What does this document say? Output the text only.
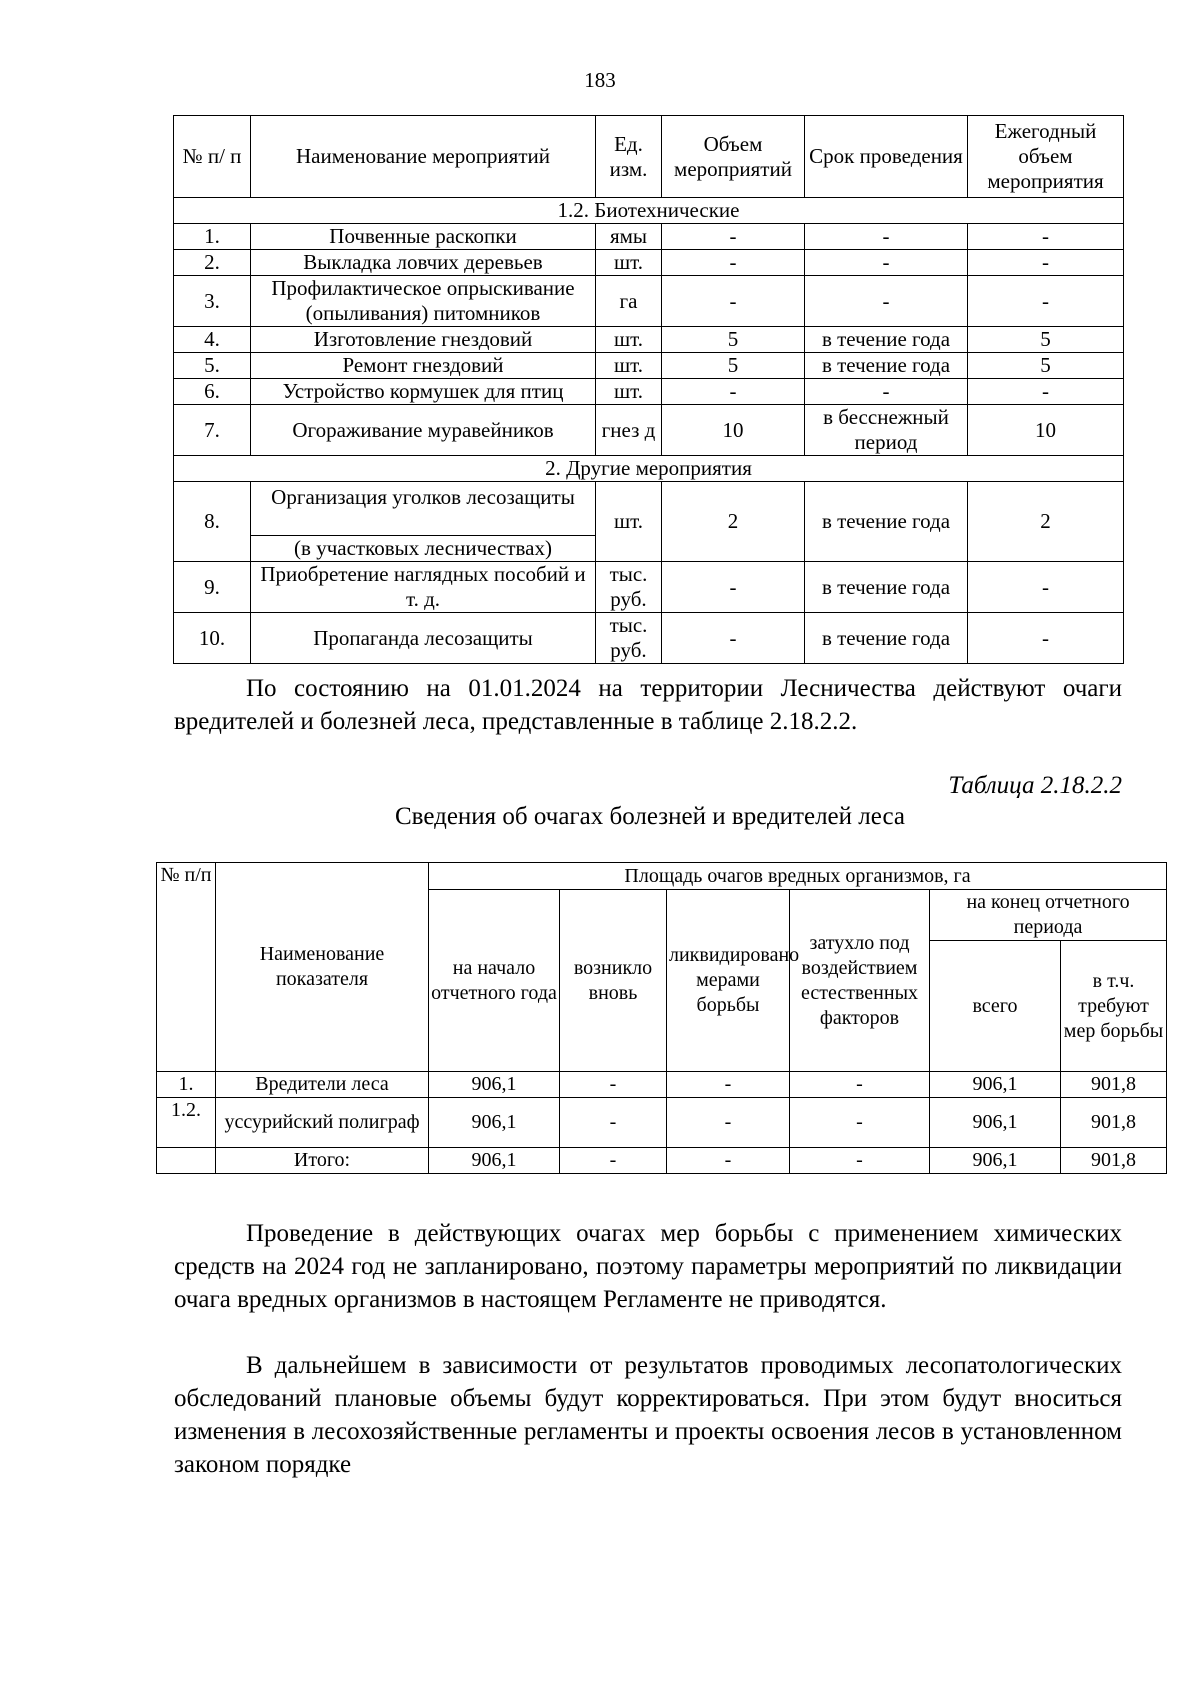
183
№ п/ п	Наименование мероприятий	Ед. изм.	Объем мероприятий	Срок проведения	Ежегодный объем мероприятия
1.2. Биотехнические					
1.	Почвенные раскопки	ямы	-	-	-
2.	Выкладка ловчих деревьев	шт.	-	-	-
3.	Профилактическое опрыскивание (опыливания) питомников	га	-	-	-
4.	Изготовление гнездовий	шт.	5	в течение года	5
5.	Ремонт гнездовий	шт.	5	в течение года	5
6.	Устройство кормушек для птиц	шт.	-	-	-
7.	Огораживание муравейников	гнез д	10	в бесснежный период	10
2. Другие мероприятия					
8.	Организация уголков лесозащиты
(в участковых лесничествах)	шт.	2	в течение года	2
9.	Приобретение наглядных пособий и т. д.	тыс. руб.	-	в течение года	-
10.	Пропаганда лесозащиты	тыс. руб.	-	в течение года	-
По состоянию на 01.01.2024 на территории Лесничества действуют очаги вредителей и болезней леса, представленные в таблице 2.18.2.2.
Таблица 2.18.2.2
Сведения об очагах болезней и вредителей леса
№ п/п	Наименование показателя	Площадь очагов вредных организмов, га					
		на начало отчетного года	возникло вновь	ликвидировано мерами борьбы	затухло под воздействием естественных факторов	на конец отчетного периода	
						всего	в т.ч. требуют мер борьбы
1.	Вредители леса	906,1	-	-	-	906,1	901,8
1.2.	уссурийский полиграф	906,1	-	-	-	906,1	901,8
	Итого:	906,1	-	-	-	906,1	901,8
Проведение в действующих очагах мер борьбы с применением химических средств на 2024 год не запланировано, поэтому параметры мероприятий по ликвидации очага вредных организмов в настоящем Регламенте не приводятся.
В дальнейшем в зависимости от результатов проводимых лесопатологических обследований плановые объемы будут корректироваться. При этом будут вноситься изменения в лесохозяйственные регламенты и проекты освоения лесов в установленном законом порядке
